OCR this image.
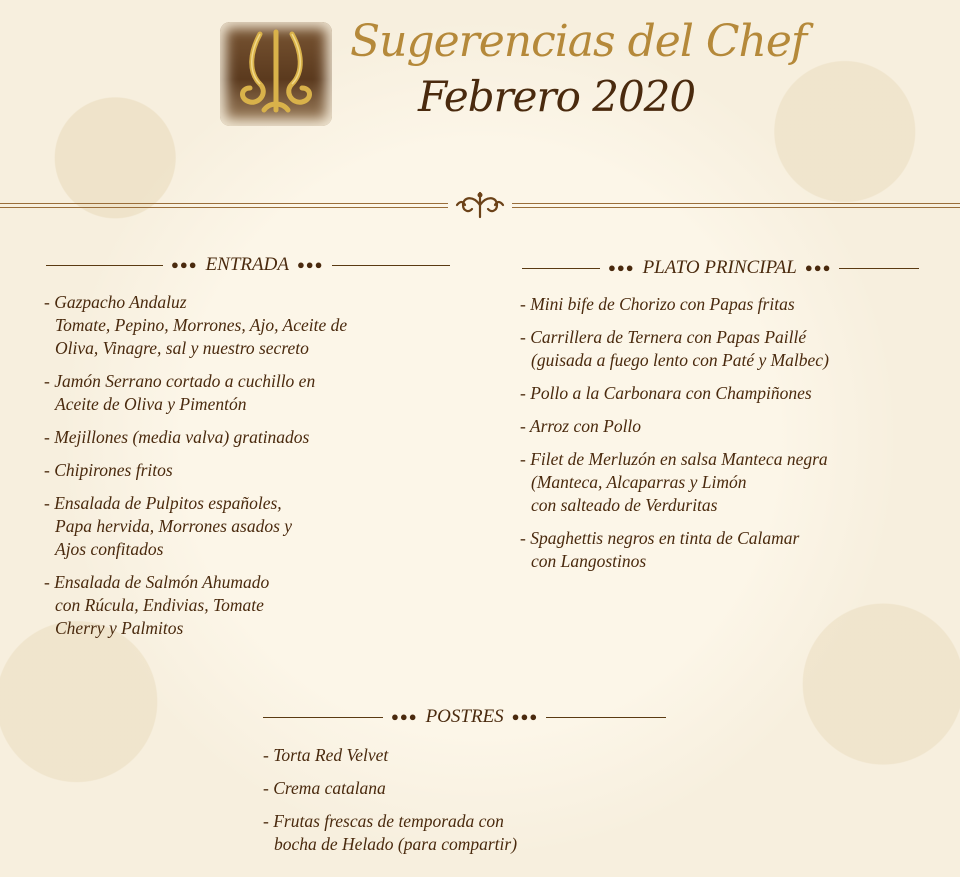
Sugerencias del Chef
Febrero 2020
●●● ENTRADA ●●●
- Gazpacho Andaluz
Tomate, Pepino, Morrones, Ajo, Aceite de
Oliva, Vinagre, sal y nuestro secreto
- Jamón Serrano cortado a cuchillo en
Aceite de Oliva y Pimentón
- Mejillones (media valva) gratinados
- Chipirones fritos
- Ensalada de Pulpitos españoles,
Papa hervida, Morrones asados y
Ajos confitados
- Ensalada de Salmón Ahumado
con Rúcula, Endivias, Tomate
Cherry y Palmitos
●●● PLATO PRINCIPAL ●●●
- Mini bife de Chorizo con Papas fritas
- Carrillera de Ternera con Papas Paillé
(guisada a fuego lento con Paté y Malbec)
- Pollo a la Carbonara con Champiñones
- Arroz con Pollo
- Filet de Merluzón en salsa Manteca negra
(Manteca, Alcaparras y Limón
con salteado de Verduritas
- Spaghettis negros en tinta de Calamar
con Langostinos
●●● POSTRES ●●●
- Torta Red Velvet
- Crema catalana
- Frutas frescas de temporada con
bocha de Helado (para compartir)
